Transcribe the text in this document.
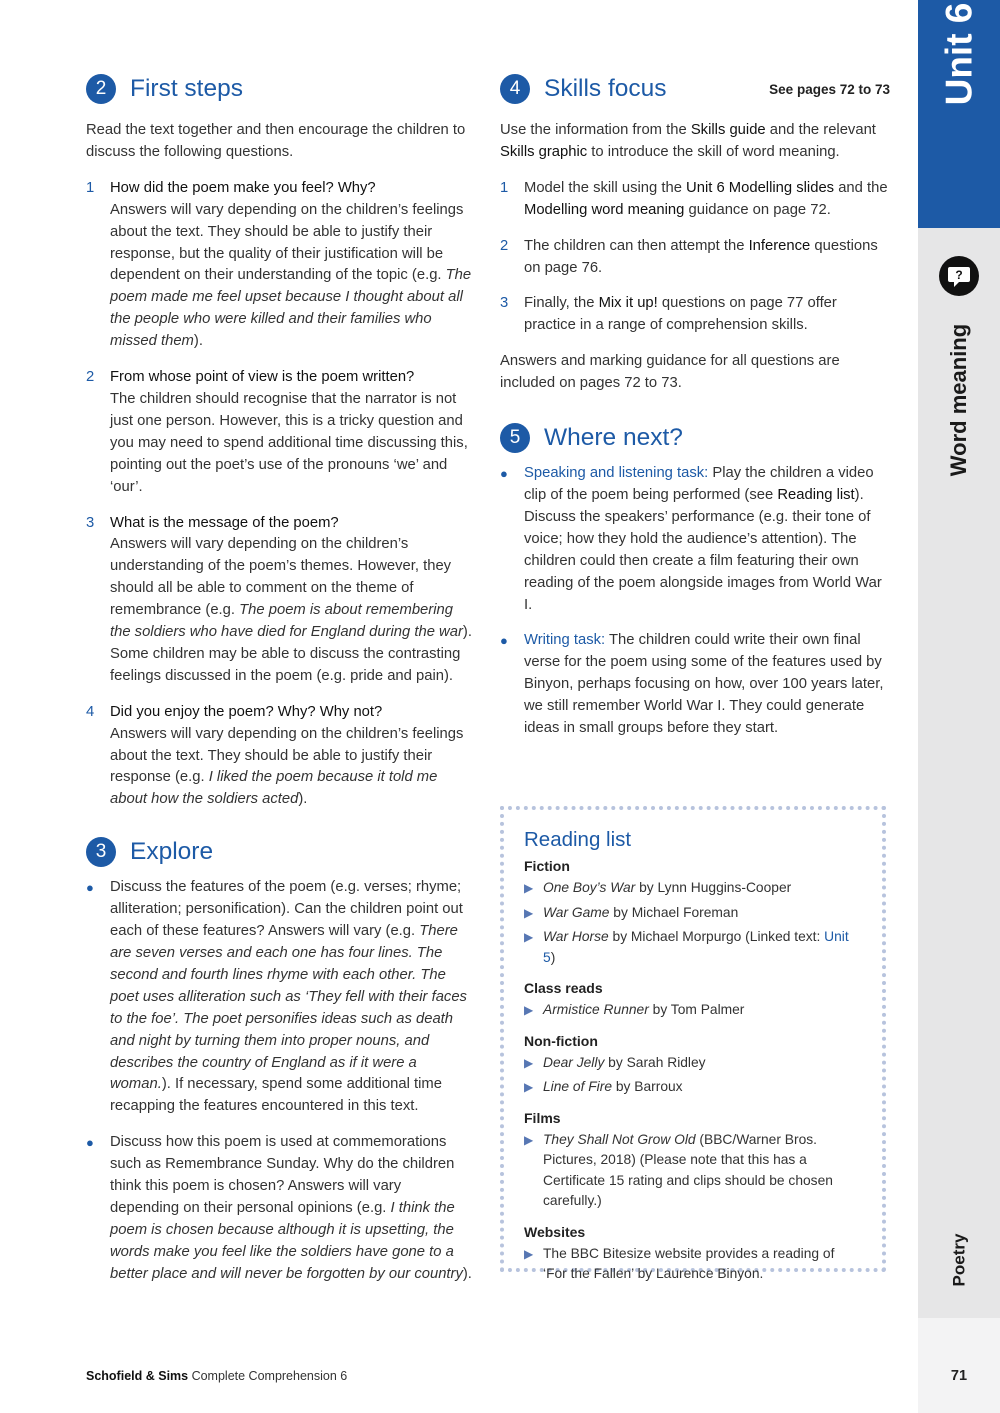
2 First steps

Read the text together and then encourage the children to discuss the following questions.

1	How did the poem make you feel? Why?

Answers will vary depending on the children’s feelings about the text. They should be able to justify their response, but the quality of their justification will be dependent on their understanding of the topic (e.g. The poem made me feel upset because I thought about all the people who were killed and their families who missed them).

2	From whose point of view is the poem written?

The children should recognise that the narrator is not just one person. However, this is a tricky question and you may need to spend additional time discussing this, pointing out the poet’s use of the pronouns ‘we’ and ‘our’.

3	What is the message of the poem?

Answers will vary depending on the children’s understanding of the poem’s themes. However, they should all be able to comment on the theme of remembrance (e.g. The poem is about remembering the soldiers who have died for England during the war). Some children may be able to discuss the contrasting feelings discussed in the poem (e.g. pride and pain).

4	Did you enjoy the poem? Why? Why not?

Answers will vary depending on the children’s feelings about the text. They should be able to justify their response (e.g. I liked the poem because it told me about how the soldiers acted).

3 Explore
●	Discuss the features of the poem (e.g. verses; rhyme; alliteration; personification). Can the children point out each of these features? Answers will vary (e.g. There are seven verses and each one has four lines. The second and fourth lines rhyme with each other. The poet uses alliteration such as ‘They fell with their faces to the foe’. The poet personifies ideas such as death and night by turning them into proper nouns, and describes the country of England as if it were a woman.). If necessary, spend some additional time recapping the features encountered in this text.
●	Discuss how this poem is used at commemorations such as Remembrance Sunday. Why do the children think this poem is chosen? Answers will vary depending on their personal opinions (e.g. I think the poem is chosen because although it is upsetting, the words make you feel like the soldiers have gone to a better place and will never be forgotten by our country).
4 Skills focus	See pages 72 to 73

Use the information from the Skills guide and the relevant Skills graphic to introduce the skill of word meaning.

1	Model the skill using the Unit 6 Modelling slides and the Modelling word meaning guidance on page 72.
2	The children can then attempt the Inference questions on page 76.
3	Finally, the Mix it up! questions on page 77 offer practice in a range of comprehension skills.

Answers and marking guidance for all questions are included on pages 72 to 73.

5 Where next?
●	Speaking and listening task: Play the children a video clip of the poem being performed (see Reading list). Discuss the speakers’ performance (e.g. their tone of voice; how they hold the audience’s attention). The children could then create a film featuring their own reading of the poem alongside images from World War I.
●	Writing task: The children could write their own final verse for the poem using some of the features used by Binyon, perhaps focusing on how, over 100 years later, we still remember World War I. They could generate ideas in small groups before they start.
Reading list
Fiction
▶ One Boy’s War by Lynn Huggins-Cooper
▶ War Game by Michael Foreman
▶ War Horse by Michael Morpurgo (Linked text: Unit 5)
Class reads
▶ Armistice Runner by Tom Palmer
Non-fiction
▶ Dear Jelly by Sarah Ridley
▶ Line of Fire by Barroux
Films
▶ They Shall Not Grow Old (BBC/Warner Bros. Pictures, 2018) (Please note that this has a Certificate 15 rating and clips should be chosen carefully.)
Websites
▶ The BBC Bitesize website provides a reading of ‘For the Fallen’ by Laurence Binyon.
Unit 6
?
Word meaning
Poetry
71
Schofield & Sims Complete Comprehension 6
